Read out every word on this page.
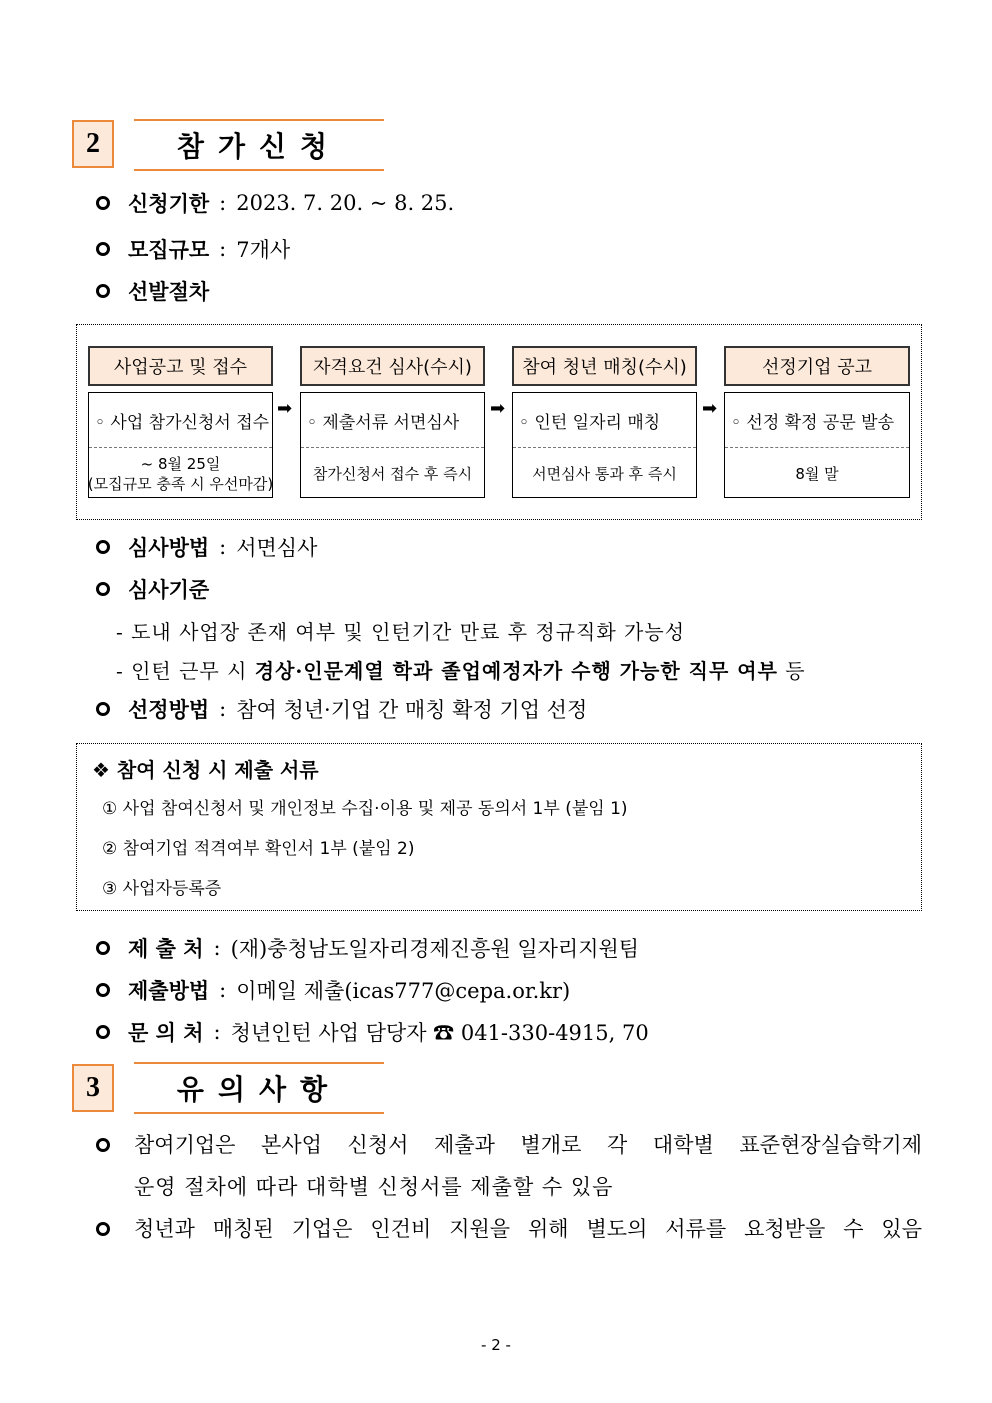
2	참가신청
신청기한 : 2023. 7. 20. ~ 8. 25.
모집규모 : 7개사
선발절차
사업공고 및 접수
◦ 사업 참가신청서 접수
~ 8월 25일
(모집규모 충족 시 우선마감)
➡
자격요건 심사(수시)
◦ 제출서류 서면심사
참가신청서 접수 후 즉시
➡
참여 청년 매칭(수시)
◦ 인턴 일자리 매칭
서면심사 통과 후 즉시
➡
선정기업 공고
◦ 선정 확정 공문 발송
8월 말
심사방법 : 서면심사
심사기준
- 도내 사업장 존재 여부 및 인턴기간 만료 후 정규직화 가능성
- 인턴 근무 시 경상·인문계열 학과 졸업예정자가 수행 가능한 직무 여부 등
선정방법 : 참여 청년·기업 간 매칭 확정 기업 선정
❖ 참여 신청 시 제출 서류
① 사업 참여신청서 및 개인정보 수집·이용 및 제공 동의서 1부 (붙임 1)
② 참여기업 적격여부 확인서 1부 (붙임 2)
③ 사업자등록증
제 출 처 : (재)충청남도일자리경제진흥원 일자리지원팀
제출방법 : 이메일 제출(icas777@cepa.or.kr)
문 의 처 : 청년인턴 사업 담당자 ☎ 041-330-4915, 70
3	유의사항
참여기업은 본사업 신청서 제출과 별개로 각 대학별 표준현장실습학기제
운영 절차에 따라 대학별 신청서를 제출할 수 있음
청년과 매칭된 기업은 인건비 지원을 위해 별도의 서류를 요청받을 수 있음
- 2 -
